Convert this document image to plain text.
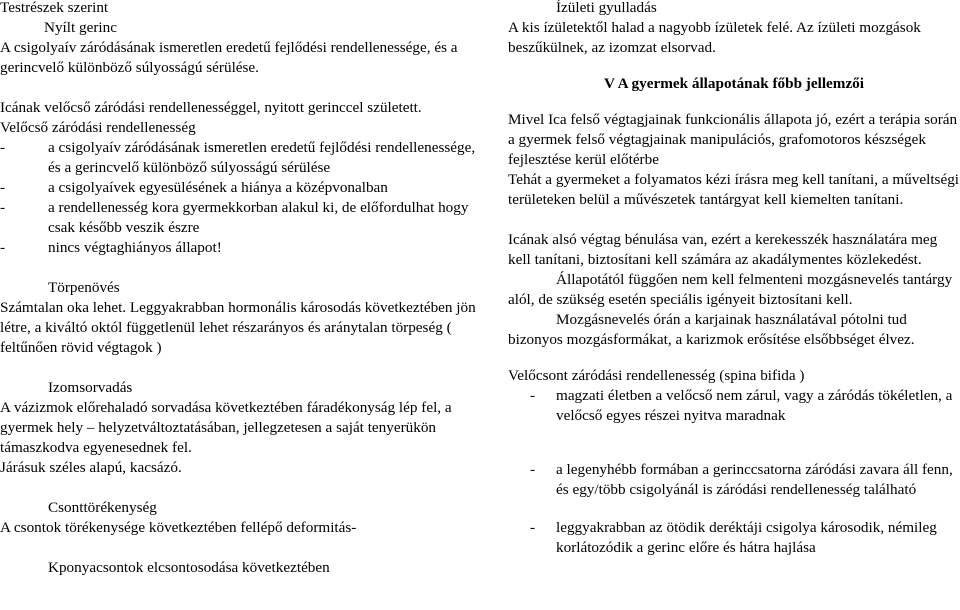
Testrészek szerint

Nyílt gerinc

A csigolyaív záródásának ismeretlen eredetű fejlődési rendellenessége, és a gerincvelő különböző súlyosságú sérülése.

Icának velőcső záródási rendellenességgel, nyitott gerinccel született.

Velőcső záródási rendellenesség

-	a csigolyaív záródásának ismeretlen eredetű fejlődési rendellenessége, és a gerincvelő különböző súlyosságú sérülése
-	a csigolyaívek egyesülésének a hiánya a középvonalban
-	a rendellenesség kora gyermekkorban alakul ki, de előfordulhat hogy csak később veszik észre
-	nincs végtaghiányos állapot!

Törpenövés

Számtalan oka lehet. Leggyakrabban hormonális károsodás következtében jön létre, a kiváltó októl függetlenül lehet részarányos és aránytalan törpeség ( feltűnően rövid végtagok )

Izomsorvadás

A vázizmok előrehaladó sorvadása következtében fáradékonyság lép fel, a gyermek hely – helyzetváltoztatásában, jellegzetesen a saját tenyerükön támaszkodva egyenesednek fel.

Járásuk széles alapú, kacsázó.

Csonttörékenység

A csontok törékenysége következtében fellépő deformitás-

Kponyacsontok elcsontosodása következtében

Ízületi gyulladás

A kis ízületektől halad a nagyobb ízületek felé. Az ízületi mozgások beszűkülnek, az izomzat elsorvad.

V A gyermek állapotának főbb jellemzői

Mivel Ica felső végtagjainak funkcionális állapota jó, ezért a terápia során a gyermek felső végtagjainak manipulációs, grafomotoros készségek fejlesztése kerül előtérbe

Tehát a gyermeket a folyamatos kézi írásra meg kell tanítani, a műveltségi területeken belül a művészetek tantárgyat kell kiemelten tanítani.

Icának alsó végtag bénulása van, ezért a kerekesszék használatára meg kell tanítani, biztosítani kell számára az akadálymentes közlekedést.

Állapotától függően nem kell felmenteni mozgásnevelés tantárgy alól, de szükség esetén speciális igényeit biztosítani kell.

Mozgásnevelés órán a karjainak használatával pótolni tud bizonyos mozgásformákat, a karizmok erősítése elsőbbséget élvez.

Velőcsont záródási rendellenesség (spina bifida )

- magzati életben a velőcső nem zárul, vagy a záródás tökéletlen, a velőcső egyes részei nyitva maradnak
- a legenyhébb formában a gerinccsatorna záródási zavara áll fenn, és egy/több csigolyánál is záródási rendellenesség található
- leggyakrabban az ötödik deréktáji csigolya károsodik, némileg korlátozódik a gerinc előre és hátra hajlása
